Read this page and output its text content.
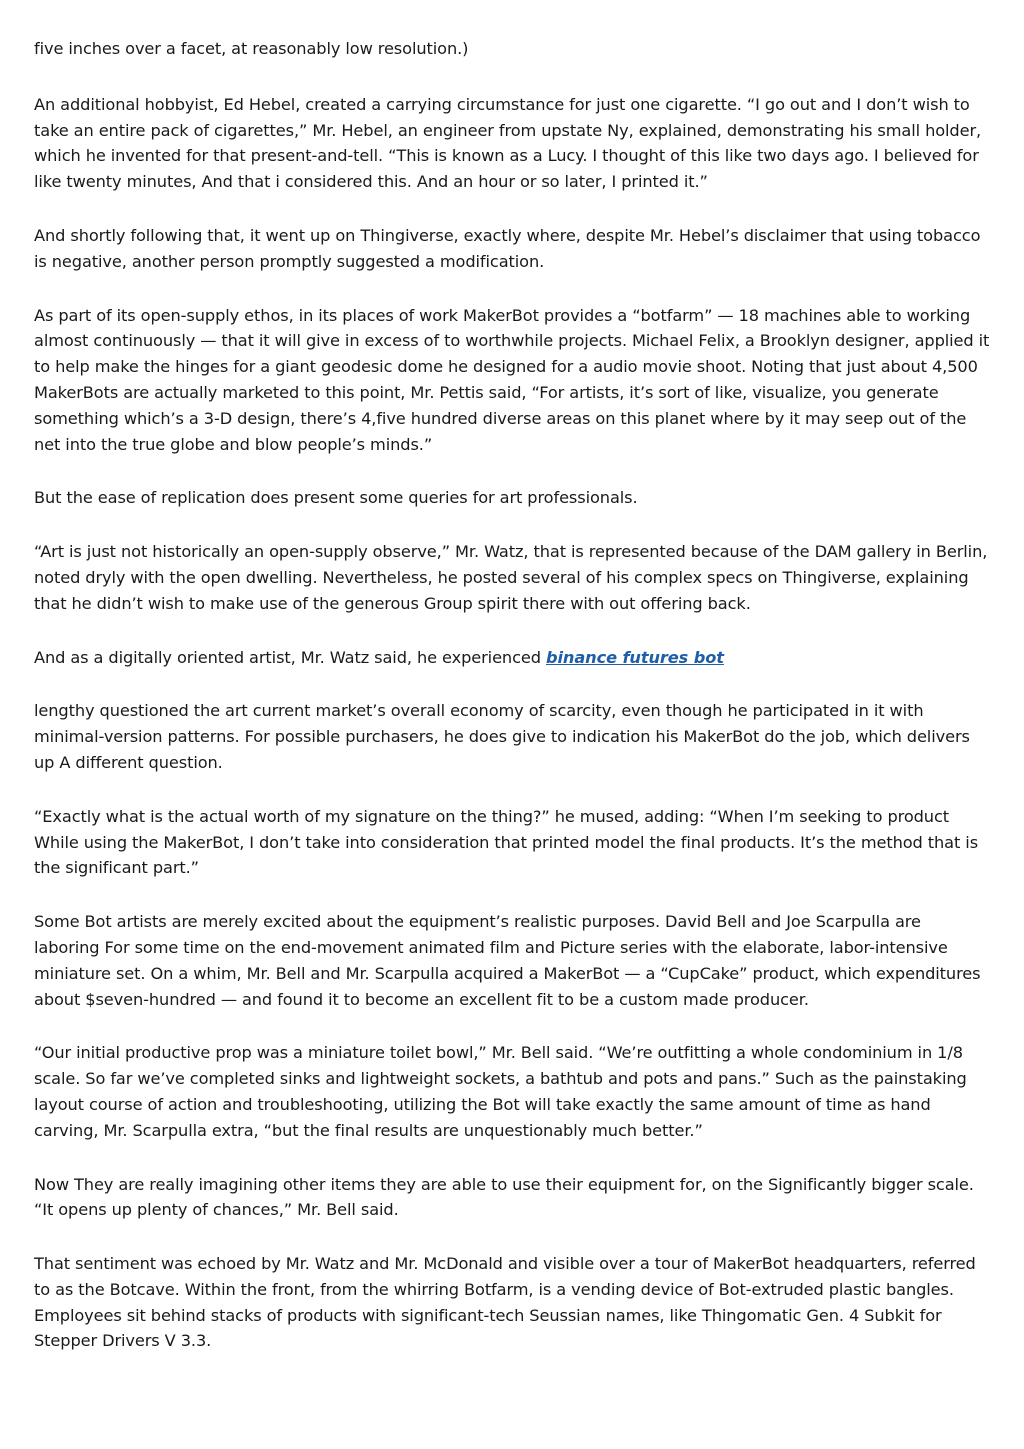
five inches over a facet, at reasonably low resolution.)

An additional hobbyist, Ed Hebel, created a carrying circumstance for just one cigarette. “I go out and I don’t wish to take an entire pack of cigarettes,” Mr. Hebel, an engineer from upstate Ny, explained, demonstrating his small holder, which he invented for that present-and-tell. “This is known as a Lucy. I thought of this like two days ago. I believed for like twenty minutes, And that i considered this. And an hour or so later, I printed it.”

And shortly following that, it went up on Thingiverse, exactly where, despite Mr. Hebel’s disclaimer that using tobacco is negative, another person promptly suggested a modification.

As part of its open-supply ethos, in its places of work MakerBot provides a “botfarm” — 18 machines able to working almost continuously — that it will give in excess of to worthwhile projects. Michael Felix, a Brooklyn designer, applied it to help make the hinges for a giant geodesic dome he designed for a audio movie shoot. Noting that just about 4,500 MakerBots are actually marketed to this point, Mr. Pettis said, “For artists, it’s sort of like, visualize, you generate something which’s a 3-D design, there’s 4,five hundred diverse areas on this planet where by it may seep out of the net into the true globe and blow people’s minds.”

But the ease of replication does present some queries for art professionals.

“Art is just not historically an open-supply observe,” Mr. Watz, that is represented because of the DAM gallery in Berlin, noted dryly with the open dwelling. Nevertheless, he posted several of his complex specs on Thingiverse, explaining that he didn’t wish to make use of the generous Group spirit there with out offering back.

And as a digitally oriented artist, Mr. Watz said, he experienced binance futures bot

lengthy questioned the art current market’s overall economy of scarcity, even though he participated in it with minimal-version patterns. For possible purchasers, he does give to indication his MakerBot do the job, which delivers up A different question.

“Exactly what is the actual worth of my signature on the thing?” he mused, adding: “When I’m seeking to product While using the MakerBot, I don’t take into consideration that printed model the final products. It’s the method that is the significant part.”

Some Bot artists are merely excited about the equipment’s realistic purposes. David Bell and Joe Scarpulla are laboring For some time on the end-movement animated film and Picture series with the elaborate, labor-intensive miniature set. On a whim, Mr. Bell and Mr. Scarpulla acquired a MakerBot — a “CupCake” product, which expenditures about $seven-hundred — and found it to become an excellent fit to be a custom made producer.

“Our initial productive prop was a miniature toilet bowl,” Mr. Bell said. “We’re outfitting a whole condominium in 1/8 scale. So far we’ve completed sinks and lightweight sockets, a bathtub and pots and pans.” Such as the painstaking layout course of action and troubleshooting, utilizing the Bot will take exactly the same amount of time as hand carving, Mr. Scarpulla extra, “but the final results are unquestionably much better.”

Now They are really imagining other items they are able to use their equipment for, on the Significantly bigger scale. “It opens up plenty of chances,” Mr. Bell said.

That sentiment was echoed by Mr. Watz and Mr. McDonald and visible over a tour of MakerBot headquarters, referred to as the Botcave. Within the front, from the whirring Botfarm, is a vending device of Bot-extruded plastic bangles. Employees sit behind stacks of products with significant-tech Seussian names, like Thingomatic Gen. 4 Subkit for Stepper Drivers V 3.3.
